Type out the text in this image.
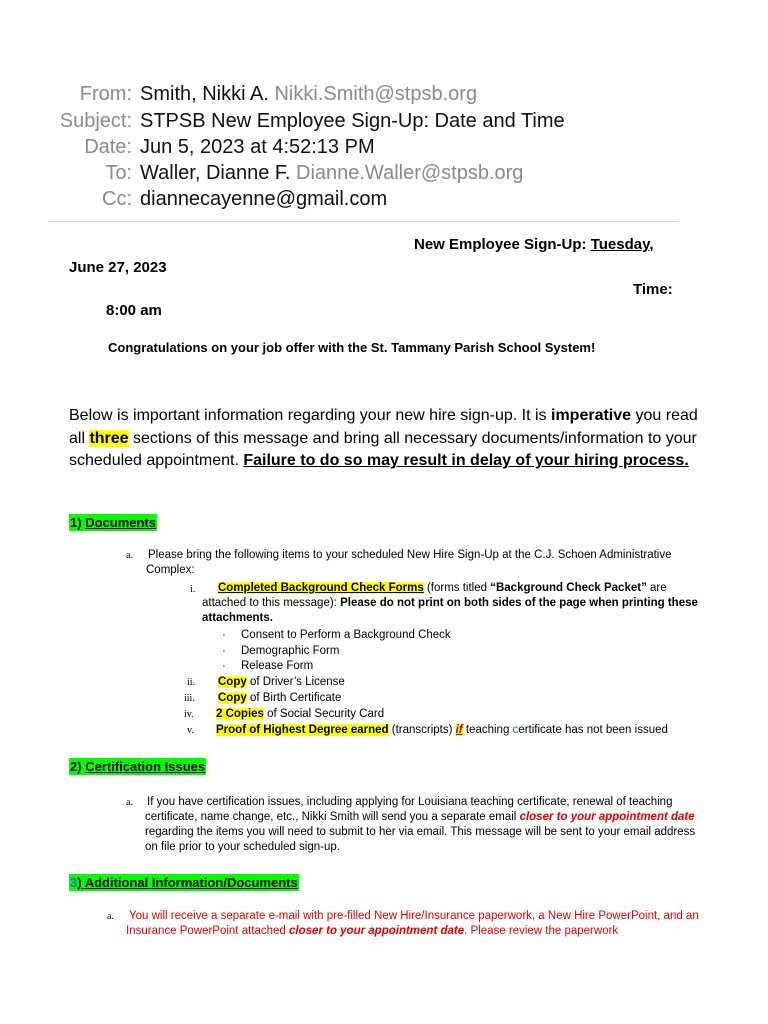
From: Smith, Nikki A. Nikki.Smith@stpsb.org
Subject: STPSB New Employee Sign-Up: Date and Time
Date: Jun 5, 2023 at 4:52:13 PM
To: Waller, Dianne F. Dianne.Waller@stpsb.org
Cc: diannecayenne@gmail.com
New Employee Sign-Up: Tuesday,
June 27, 2023
Time:
8:00 am
Congratulations on your job offer with the St. Tammany Parish School System!
Below is important information regarding your new hire sign-up. It is imperative you read all three sections of this message and bring all necessary documents/information to your scheduled appointment. Failure to do so may result in delay of your hiring process.
1) Documents
a. Please bring the following items to your scheduled New Hire Sign-Up at the C.J. Schoen Administrative Complex:
i.	Completed Background Check Forms (forms titled “Background Check Packet” are attached to this message): Please do not print on both sides of the page when printing these attachments.
· Consent to Perform a Background Check
· Demographic Form
· Release Form
ii. Copy of Driver’s License
iii. Copy of Birth Certificate
iv. 2 Copies of Social Security Card
v. Proof of Highest Degree earned (transcripts) if teaching certificate has not been issued
2) Certification Issues
a. If you have certification issues, including applying for Louisiana teaching certificate, renewal of teaching certificate, name change, etc., Nikki Smith will send you a separate email closer to your appointment date regarding the items you will need to submit to her via email. This message will be sent to your email address on file prior to your scheduled sign-up.
3) Additional Information/Documents
a. You will receive a separate e-mail with pre-filled New Hire/Insurance paperwork, a New Hire PowerPoint, and an Insurance PowerPoint attached closer to your appointment date. Please review the paperwork
